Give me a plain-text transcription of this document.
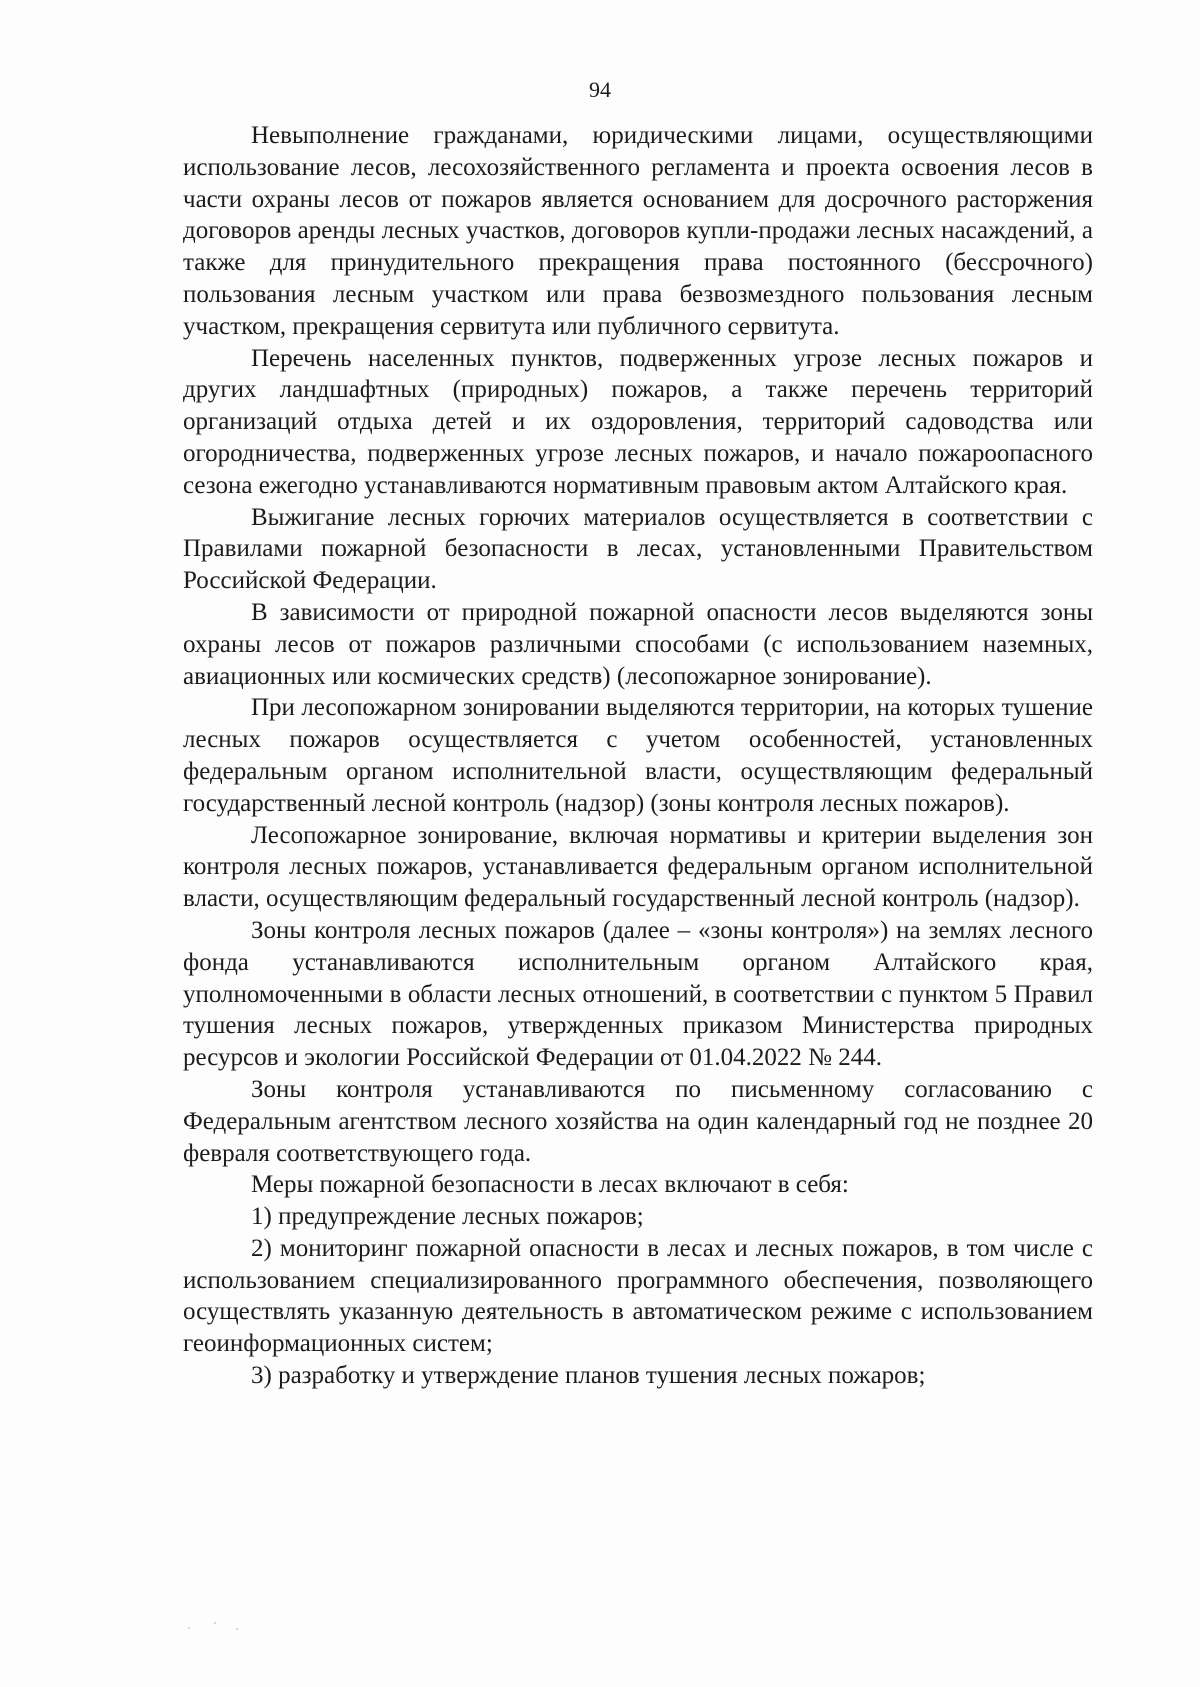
94

Невыполнение гражданами, юридическими лицами, осуществляющими использование лесов, лесохозяйственного регламента и проекта освоения лесов в части охраны лесов от пожаров является основанием для досрочного расторжения договоров аренды лесных участков, договоров купли-продажи лесных насаждений, а также для принудительного прекращения права постоянного (бессрочного) пользования лесным участком или права безвозмездного пользования лесным участком, прекращения сервитута или публичного сервитута.

Перечень населенных пунктов, подверженных угрозе лесных пожаров и других ландшафтных (природных) пожаров, а также перечень территорий организаций отдыха детей и их оздоровления, территорий садоводства или огородничества, подверженных угрозе лесных пожаров, и начало пожароопасного сезона ежегодно устанавливаются нормативным правовым актом Алтайского края.

Выжигание лесных горючих материалов осуществляется в соответствии с Правилами пожарной безопасности в лесах, установленными Правительством Российской Федерации.

В зависимости от природной пожарной опасности лесов выделяются зоны охраны лесов от пожаров различными способами (с использованием наземных, авиационных или космических средств) (лесопожарное зонирование).

При лесопожарном зонировании выделяются территории, на которых тушение лесных пожаров осуществляется с учетом особенностей, установленных федеральным органом исполнительной власти, осуществляющим федеральный государственный лесной контроль (надзор) (зоны контроля лесных пожаров).

Лесопожарное зонирование, включая нормативы и критерии выделения зон контроля лесных пожаров, устанавливается федеральным органом исполнительной власти, осуществляющим федеральный государственный лесной контроль (надзор).

Зоны контроля лесных пожаров (далее – «зоны контроля») на землях лесного фонда устанавливаются исполнительным органом Алтайского края, уполномоченными в области лесных отношений, в соответствии с пунктом 5 Правил тушения лесных пожаров, утвержденных приказом Министерства природных ресурсов и экологии Российской Федерации от 01.04.2022 № 244.

Зоны контроля устанавливаются по письменному согласованию с Федеральным агентством лесного хозяйства на один календарный год не позднее 20 февраля соответствующего года.

Меры пожарной безопасности в лесах включают в себя:

1) предупреждение лесных пожаров;

2) мониторинг пожарной опасности в лесах и лесных пожаров, в том числе с использованием специализированного программного обеспечения, позволяющего осуществлять указанную деятельность в автоматическом режиме с использованием геоинформационных систем;

3) разработку и утверждение планов тушения лесных пожаров;
